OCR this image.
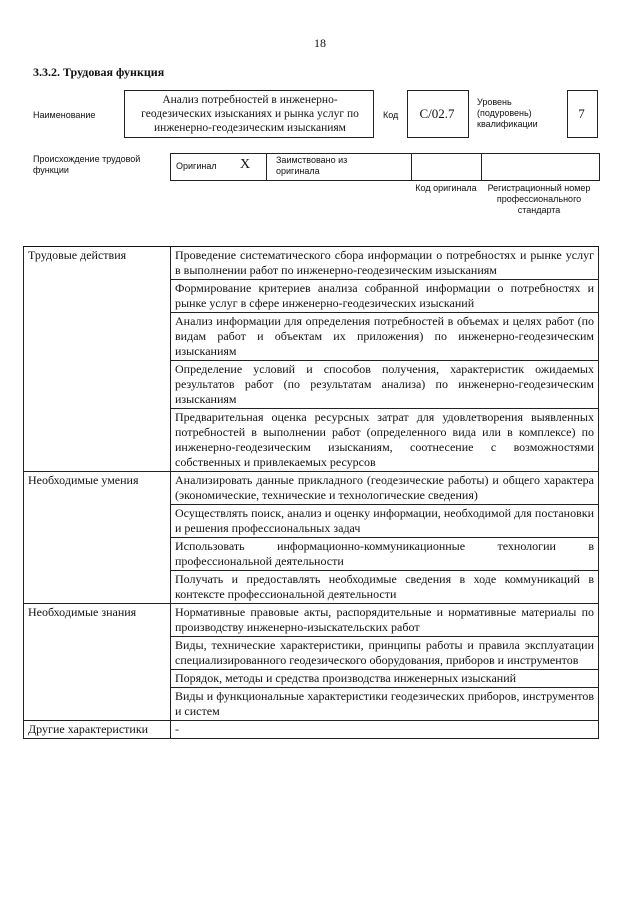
18
3.3.2. Трудовая функция
Наименование
Анализ потребностей в инженерно-геодезических изысканиях и рынка услуг по инженерно-геодезическим изысканиям
Код	С/02.7
Уровень (подуровень) квалификации
7
Происхождение трудовой функции	Оригинал X	Заимствовано из оригинала
Код оригинала	Регистрационный номер профессионального стандарта
Трудовые действия	Проведение систематического сбора информации о потребностях и рынке услуг в выполнении работ по инженерно-геодезическим изысканиям
	Формирование критериев анализа собранной информации о потребностях и рынке услуг в сфере инженерно-геодезических изысканий
	Анализ информации для определения потребностей в объемах и целях работ (по видам работ и объектам их приложения) по инженерно-геодезическим изысканиям
	Определение условий и способов получения, характеристик ожидаемых результатов работ (по результатам анализа) по инженерно-геодезическим изысканиям
	Предварительная оценка ресурсных затрат для удовлетворения выявленных потребностей в выполнении работ (определенного вида или в комплексе) по инженерно-геодезическим изысканиям, соотнесение с возможностями собственных и привлекаемых ресурсов
Необходимые умения	Анализировать данные прикладного (геодезические работы) и общего характера (экономические, технические и технологические сведения)
	Осуществлять поиск, анализ и оценку информации, необходимой для постановки и решения профессиональных задач
	Использовать информационно-коммуникационные технологии в профессиональной деятельности
	Получать и предоставлять необходимые сведения в ходе коммуникаций в контексте профессиональной деятельности
Необходимые знания	Нормативные правовые акты, распорядительные и нормативные материалы по производству инженерно-изыскательских работ
	Виды, технические характеристики, принципы работы и правила эксплуатации специализированного геодезического оборудования, приборов и инструментов
	Порядок, методы и средства производства инженерных изысканий
	Виды и функциональные характеристики геодезических приборов, инструментов и систем
Другие характеристики	-
